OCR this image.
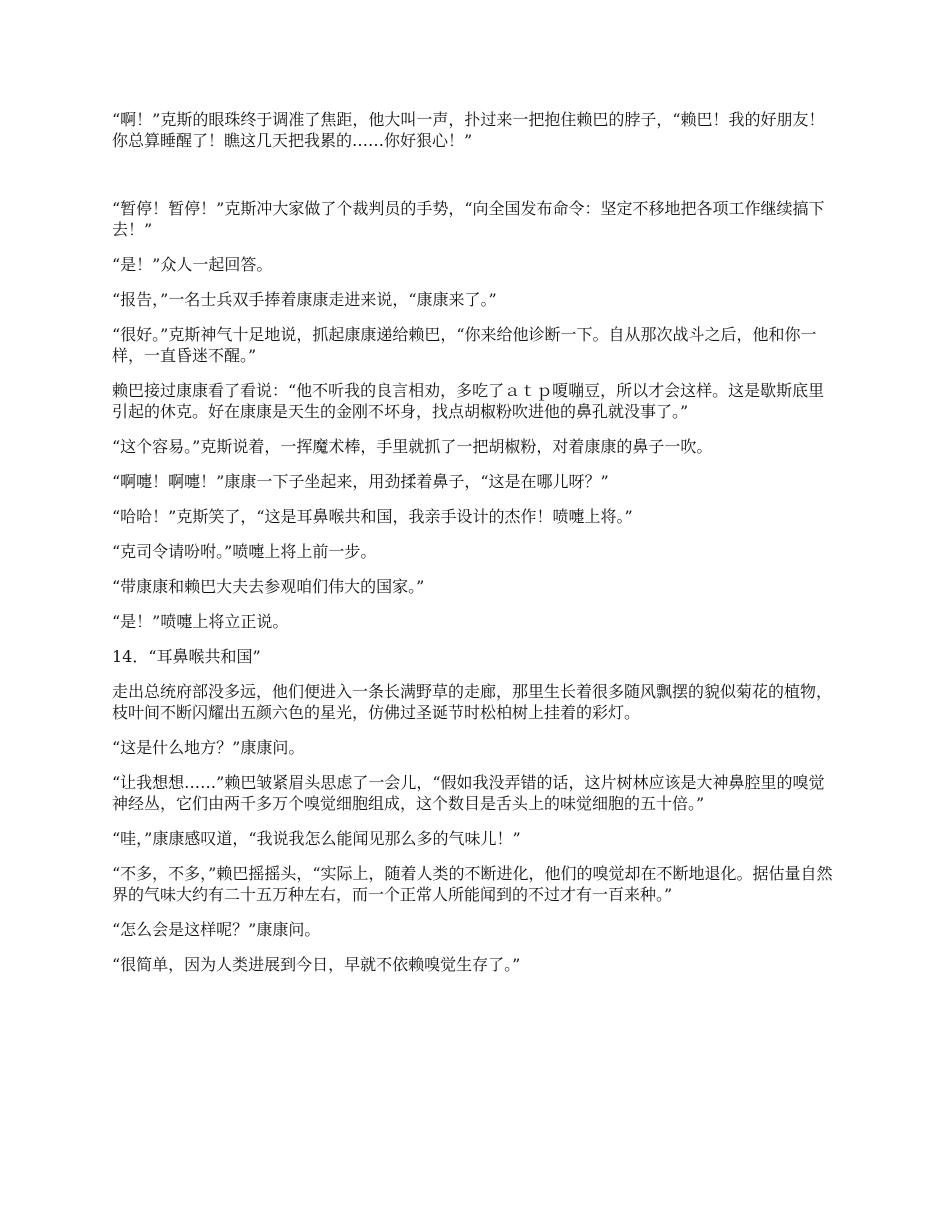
“啊！”克斯的眼珠终于调准了焦距，他大叫一声，扑过来一把抱住赖巴的脖子，“赖巴！我的好朋友！你总算睡醒了！瞧这几天把我累的……你好狠心！”

“暂停！暂停！”克斯冲大家做了个裁判员的手势，“向全国发布命令：坚定不移地把各项工作继续搞下去！”

“是！”众人一起回答。

“报告，”一名士兵双手捧着康康走进来说，“康康来了。”

“很好。”克斯神气十足地说，抓起康康递给赖巴，“你来给他诊断一下。自从那次战斗之后，他和你一样，一直昏迷不醒。”

赖巴接过康康看了看说：“他不听我的良言相劝，多吃了ａｔｐ嗄嘣豆，所以才会这样。这是歇斯底里引起的休克。好在康康是天生的金刚不坏身，找点胡椒粉吹进他的鼻孔就没事了。”

“这个容易。”克斯说着，一挥魔术棒，手里就抓了一把胡椒粉，对着康康的鼻子一吹。

“啊嚏！啊嚏！”康康一下子坐起来，用劲揉着鼻子，“这是在哪儿呀？”

“哈哈！”克斯笑了，“这是耳鼻喉共和国，我亲手设计的杰作！喷嚏上将。”

“克司令请吩咐。”喷嚏上将上前一步。

“带康康和赖巴大夫去参观咱们伟大的国家。”

“是！”喷嚏上将立正说。

14．“耳鼻喉共和国”

走出总统府部没多远，他们便进入一条长满野草的走廊，那里生长着很多随风飘摆的貌似菊花的植物，枝叶间不断闪耀出五颜六色的星光，仿佛过圣诞节时松柏树上挂着的彩灯。

“这是什么地方？”康康问。

“让我想想……”赖巴皱紧眉头思虑了一会儿，“假如我没弄错的话，这片树林应该是大神鼻腔里的嗅觉神经丛，它们由两千多万个嗅觉细胞组成，这个数目是舌头上的味觉细胞的五十倍。”

“哇，”康康感叹道，“我说我怎么能闻见那么多的气味儿！”

“不多，不多，”赖巴摇摇头，“实际上，随着人类的不断进化，他们的嗅觉却在不断地退化。据估量自然界的气味大约有二十五万种左右，而一个正常人所能闻到的不过才有一百来种。”

“怎么会是这样呢？”康康问。

“很简单，因为人类进展到今日，早就不依赖嗅觉生存了。”
